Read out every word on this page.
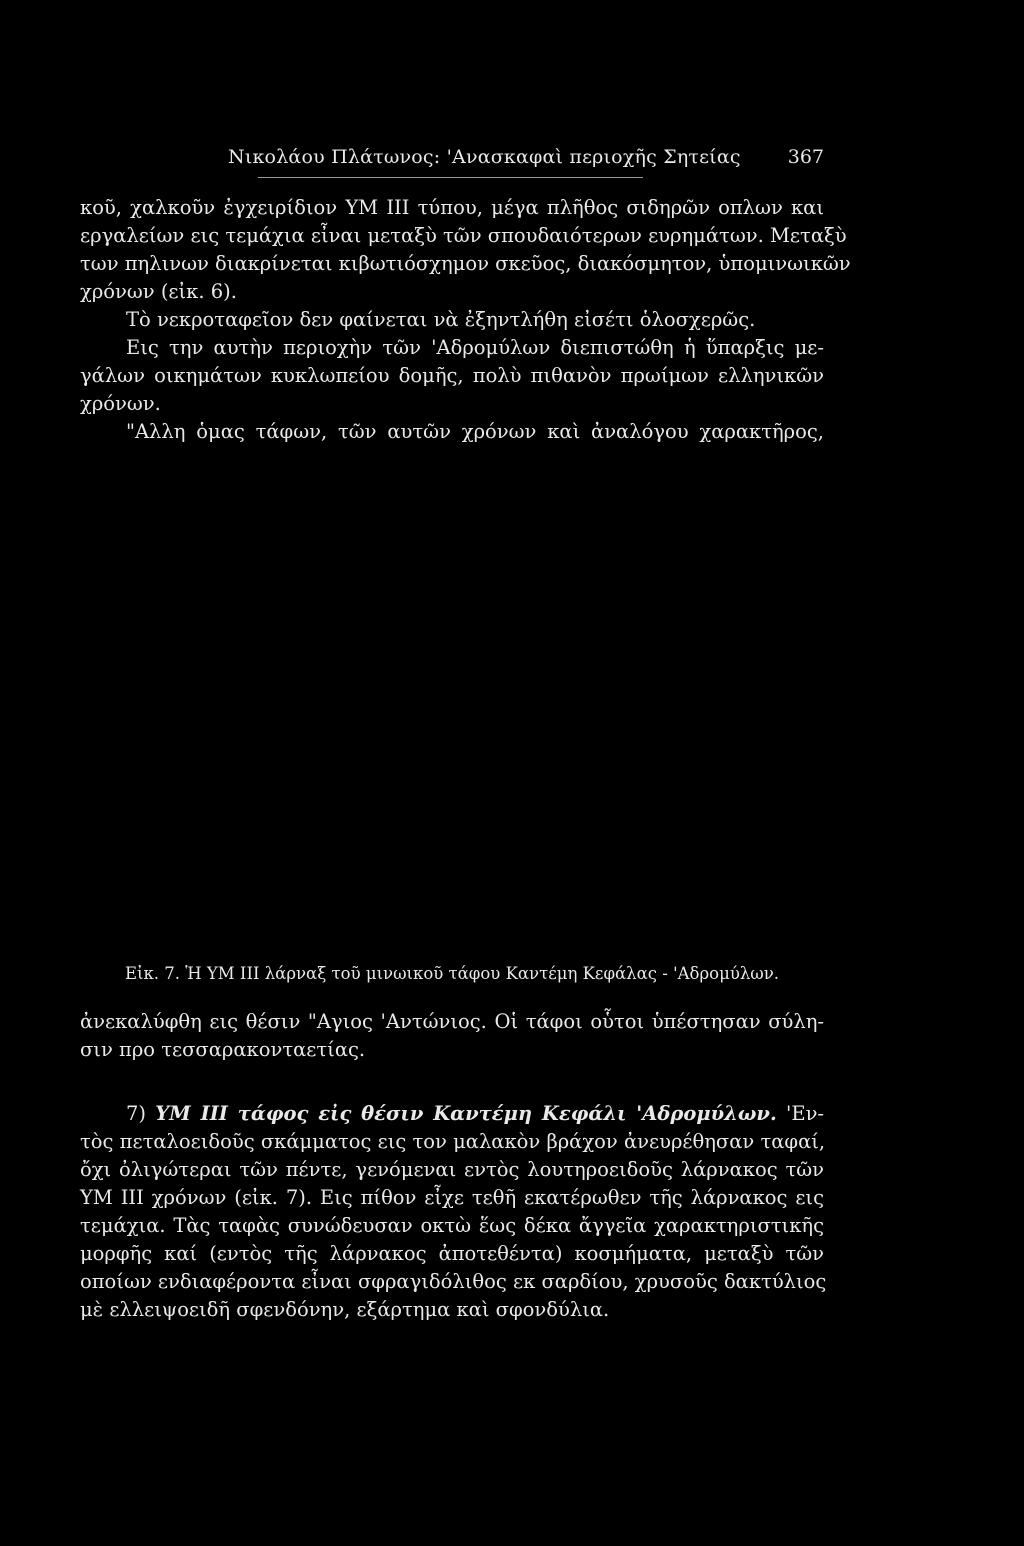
Νικολάου Πλάτωνος: 'Ανασκαφαὶ περιοχῆς Σητείας 367
κοῦ, χαλκοῦν ἐγχειρίδιον ΥΜ ΙΙΙ τύπου, μέγα πλῆθος σιδηρῶν οπλων και
εργαλείων εις τεμάχια εἶναι μεταξὺ τῶν σπουδαιότερων ευρημάτων. Μεταξὺ
των πηλινων διακρίνεται κιβωτιόσχημον σκεῦος, διακόσμητον, ὑπομινωικῶν
χρόνων (εἰκ. 6).
Τὸ νεκροταφεῖον δεν φαίνεται νὰ ἐξηντλήθη εἰσέτι ὁλοσχερῶς.
Εις την αυτὴν περιοχὴν τῶν 'Αδρομύλων διεπιστώθη ἡ ὕπαρξις με-
γάλων οικημάτων κυκλωπείου δομῆς, πολὺ πιθανὸν πρωίμων ελληνικῶν
χρόνων.
"Αλλη ὁμας τάφων, τῶν αυτῶν χρόνων καὶ ἀναλόγου χαρακτῆρος,
Εἰκ. 7. Ἡ ΥΜ ΙΙΙ λάρναξ τοῦ μινωικοῦ τάφου Καντέμη Κεφάλας - 'Αδρομύλων.
ἀνεκαλύφθη εις θέσιν "Αγιος 'Αντώνιος. Οἱ τάφοι οὗτοι ὑπέστησαν σύλη-
σιν προ τεσσαρακονταετίας.
7) ΥΜ ΙΙΙ τάφος εἰς θέσιν Καντέμη Κεφάλι 'Αδρομύλων. 'Εν-
τὸς πεταλοειδοῦς σκάμματος εις τον μαλακὸν βράχον ἀνευρέθησαν ταφαί,
ὄχι ὀλιγώτεραι τῶν πέντε, γενόμεναι εντὸς λουτηροειδοῦς λάρνακος τῶν
ΥΜ ΙΙΙ χρόνων (εἰκ. 7). Εις πίθον εἶχε τεθῆ εκατέρωθεν τῆς λάρνακος εις
τεμάχια. Τὰς ταφὰς συνώδευσαν οκτὼ ἕως δέκα ἄγγεῖα χαρακτηριστικῆς
μορφῆς καί (εντὸς τῆς λάρνακος ἀποτεθέντα) κοσμήματα, μεταξὺ τῶν
οποίων ενδιαφέροντα εἶναι σφραγιδόλιθος εκ σαρδίου, χρυσοῦς δακτύλιος
μὲ ελλειψοειδῆ σφενδόνην, εξάρτημα καὶ σφονδύλια.
